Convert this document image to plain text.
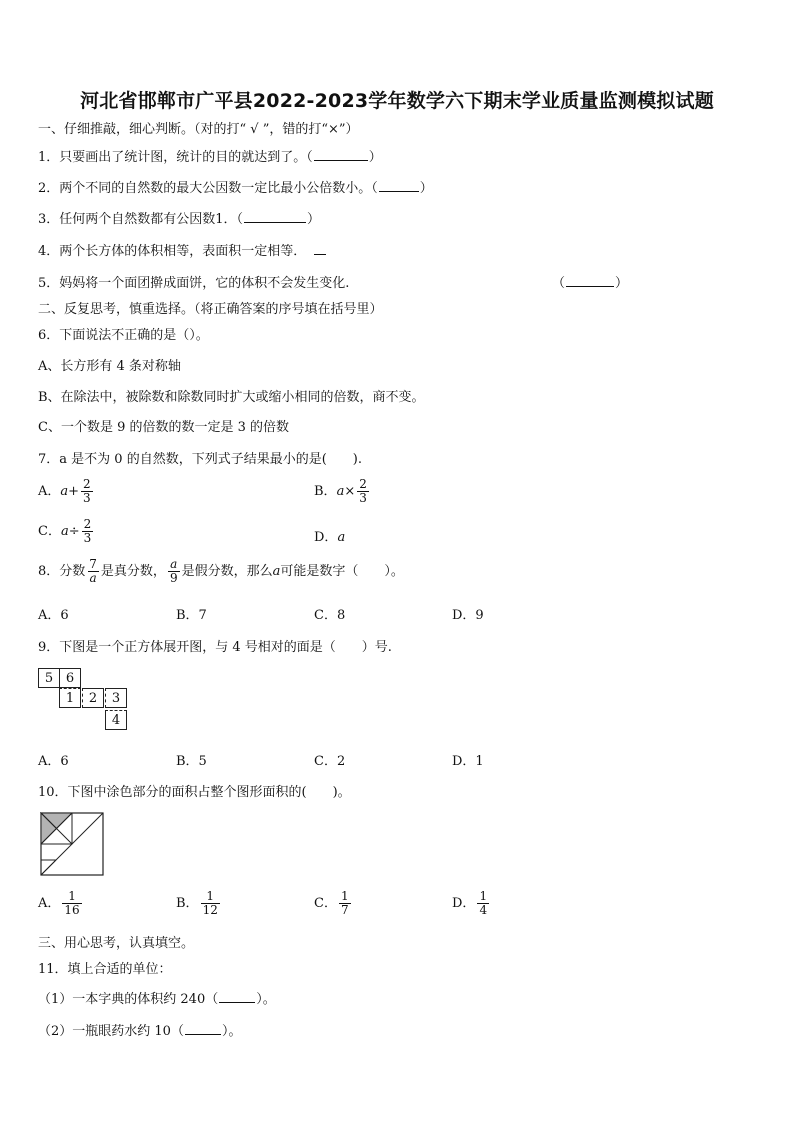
河北省邯郸市广平县2022-2023学年数学六下期末学业质量监测模拟试题
一、仔细推敲，细心判断。（对的打“ √ ”，错的打“×”）
1．只要画出了统计图，统计的目的就达到了。（	）
2．两个不同的自然数的最大公因数一定比最小公倍数小。（	）
3．任何两个自然数都有公因数1．（	）
4．两个长方体的体积相等，表面积一定相等．
5．妈妈将一个面团擀成面饼，它的体积不会发生变化.	（	）
二、反复思考，慎重选择。（将正确答案的序号填在括号里）
6．下面说法不正确的是（）。
A、长方形有 4 条对称轴
B、在除法中，被除数和除数同时扩大或缩小相同的倍数，商不变。
C、一个数是 9 的倍数的数一定是 3 的倍数
7．a 是不为 0 的自然数，下列式子结果最小的是(　　).
A．$a+ \frac{2}{3}$	B．$a\times \frac{2}{3}$
C．$a\div \frac{2}{3}$	D．a
8．分数 $\frac{7}{a}$ 是真分数， $\frac{a}{9}$ 是假分数，那么a可能是数字（　　）。
A．6	B．7	C．8	D．9
9．下图是一个正方体展开图，与 4 号相对的面是（　　）号.
5 6
1	2	3
4
A．6	B．5	C．2	D．1
10．下图中涂色部分的面积占整个图形面积的(　　)。
A． $\frac{1}{16}$	B． $\frac{1}{12}$	C． $\frac{1}{7}$	D． $\frac{1}{4}$
三、用心思考，认真填空。
11．填上合适的单位：
（1）一本字典的体积约 240（	）。
（2）一瓶眼药水约 10（	）。
